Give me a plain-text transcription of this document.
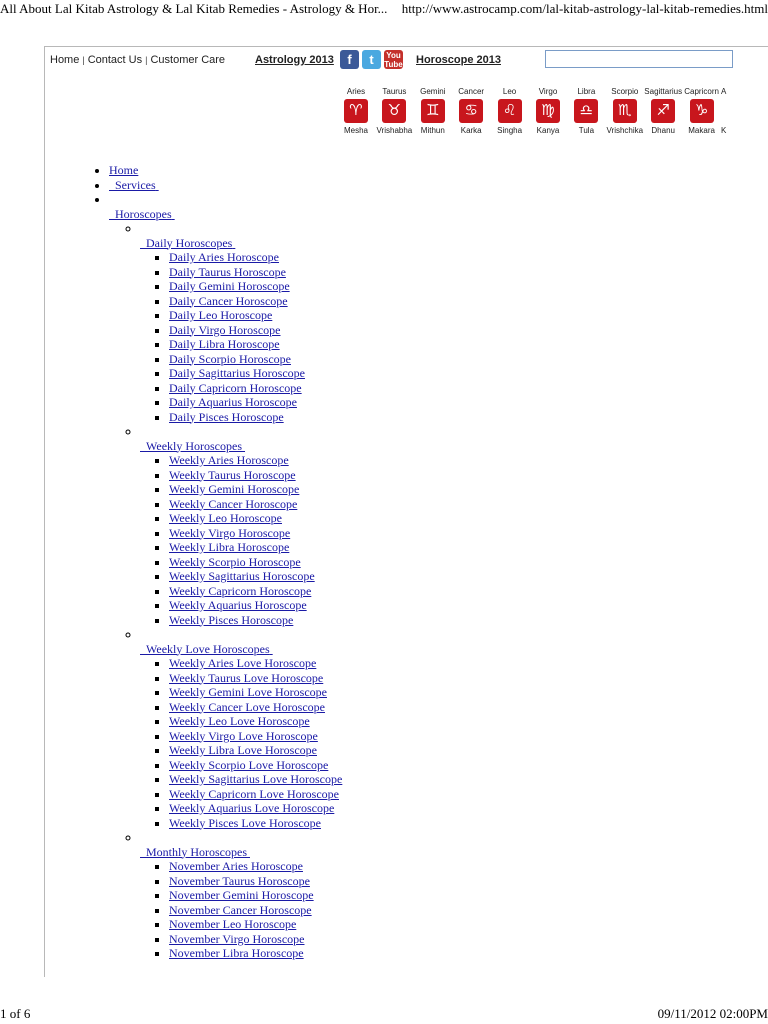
All About Lal Kitab Astrology & Lal Kitab Remedies - Astrology & Hor... http://www.astrocamp.com/lal-kitab-astrology-lal-kitab-remedies.html
Home | Contact Us | Customer Care	Astrology 2013	f t You
Tube Horoscope 2013
Aries
♈
Mesha
Taurus
♉
Vrishabha
Gemini
♊
Mithun
Cancer
♋
Karka
Leo
♌
Singha
Virgo
♍
Kanya
Libra
♎
Tula
Scorpio
♏
Vrishchika
Sagittarius
♐
Dhanu
Capricorn
♑
Makara
A
K
• Home
•   Services

•   Horoscopes

◦   Daily Horoscopes
▪ Daily Aries Horoscope
▪ Daily Taurus Horoscope
▪ Daily Gemini Horoscope
▪ Daily Cancer Horoscope
▪ Daily Leo Horoscope
▪ Daily Virgo Horoscope
▪ Daily Libra Horoscope
▪ Daily Scorpio Horoscope
▪ Daily Sagittarius Horoscope
▪ Daily Capricorn Horoscope
▪ Daily Aquarius Horoscope
▪ Daily Pisces Horoscope

◦   Weekly Horoscopes
▪ Weekly Aries Horoscope
▪ Weekly Taurus Horoscope
▪ Weekly Gemini Horoscope
▪ Weekly Cancer Horoscope
▪ Weekly Leo Horoscope
▪ Weekly Virgo Horoscope
▪ Weekly Libra Horoscope
▪ Weekly Scorpio Horoscope
▪ Weekly Sagittarius Horoscope
▪ Weekly Capricorn Horoscope
▪ Weekly Aquarius Horoscope
▪ Weekly Pisces Horoscope

◦   Weekly Love Horoscopes
▪ Weekly Aries Love Horoscope
▪ Weekly Taurus Love Horoscope
▪ Weekly Gemini Love Horoscope
▪ Weekly Cancer Love Horoscope
▪ Weekly Leo Love Horoscope
▪ Weekly Virgo Love Horoscope
▪ Weekly Libra Love Horoscope
▪ Weekly Scorpio Love Horoscope
▪ Weekly Sagittarius Love Horoscope
▪ Weekly Capricorn Love Horoscope
▪ Weekly Aquarius Love Horoscope
▪ Weekly Pisces Love Horoscope

◦   Monthly Horoscopes
▪ November Aries Horoscope
▪ November Taurus Horoscope
▪ November Gemini Horoscope
▪ November Cancer Horoscope
▪ November Leo Horoscope
▪ November Virgo Horoscope
▪ November Libra Horoscope
1 of 6	09/11/2012 02:00PM
